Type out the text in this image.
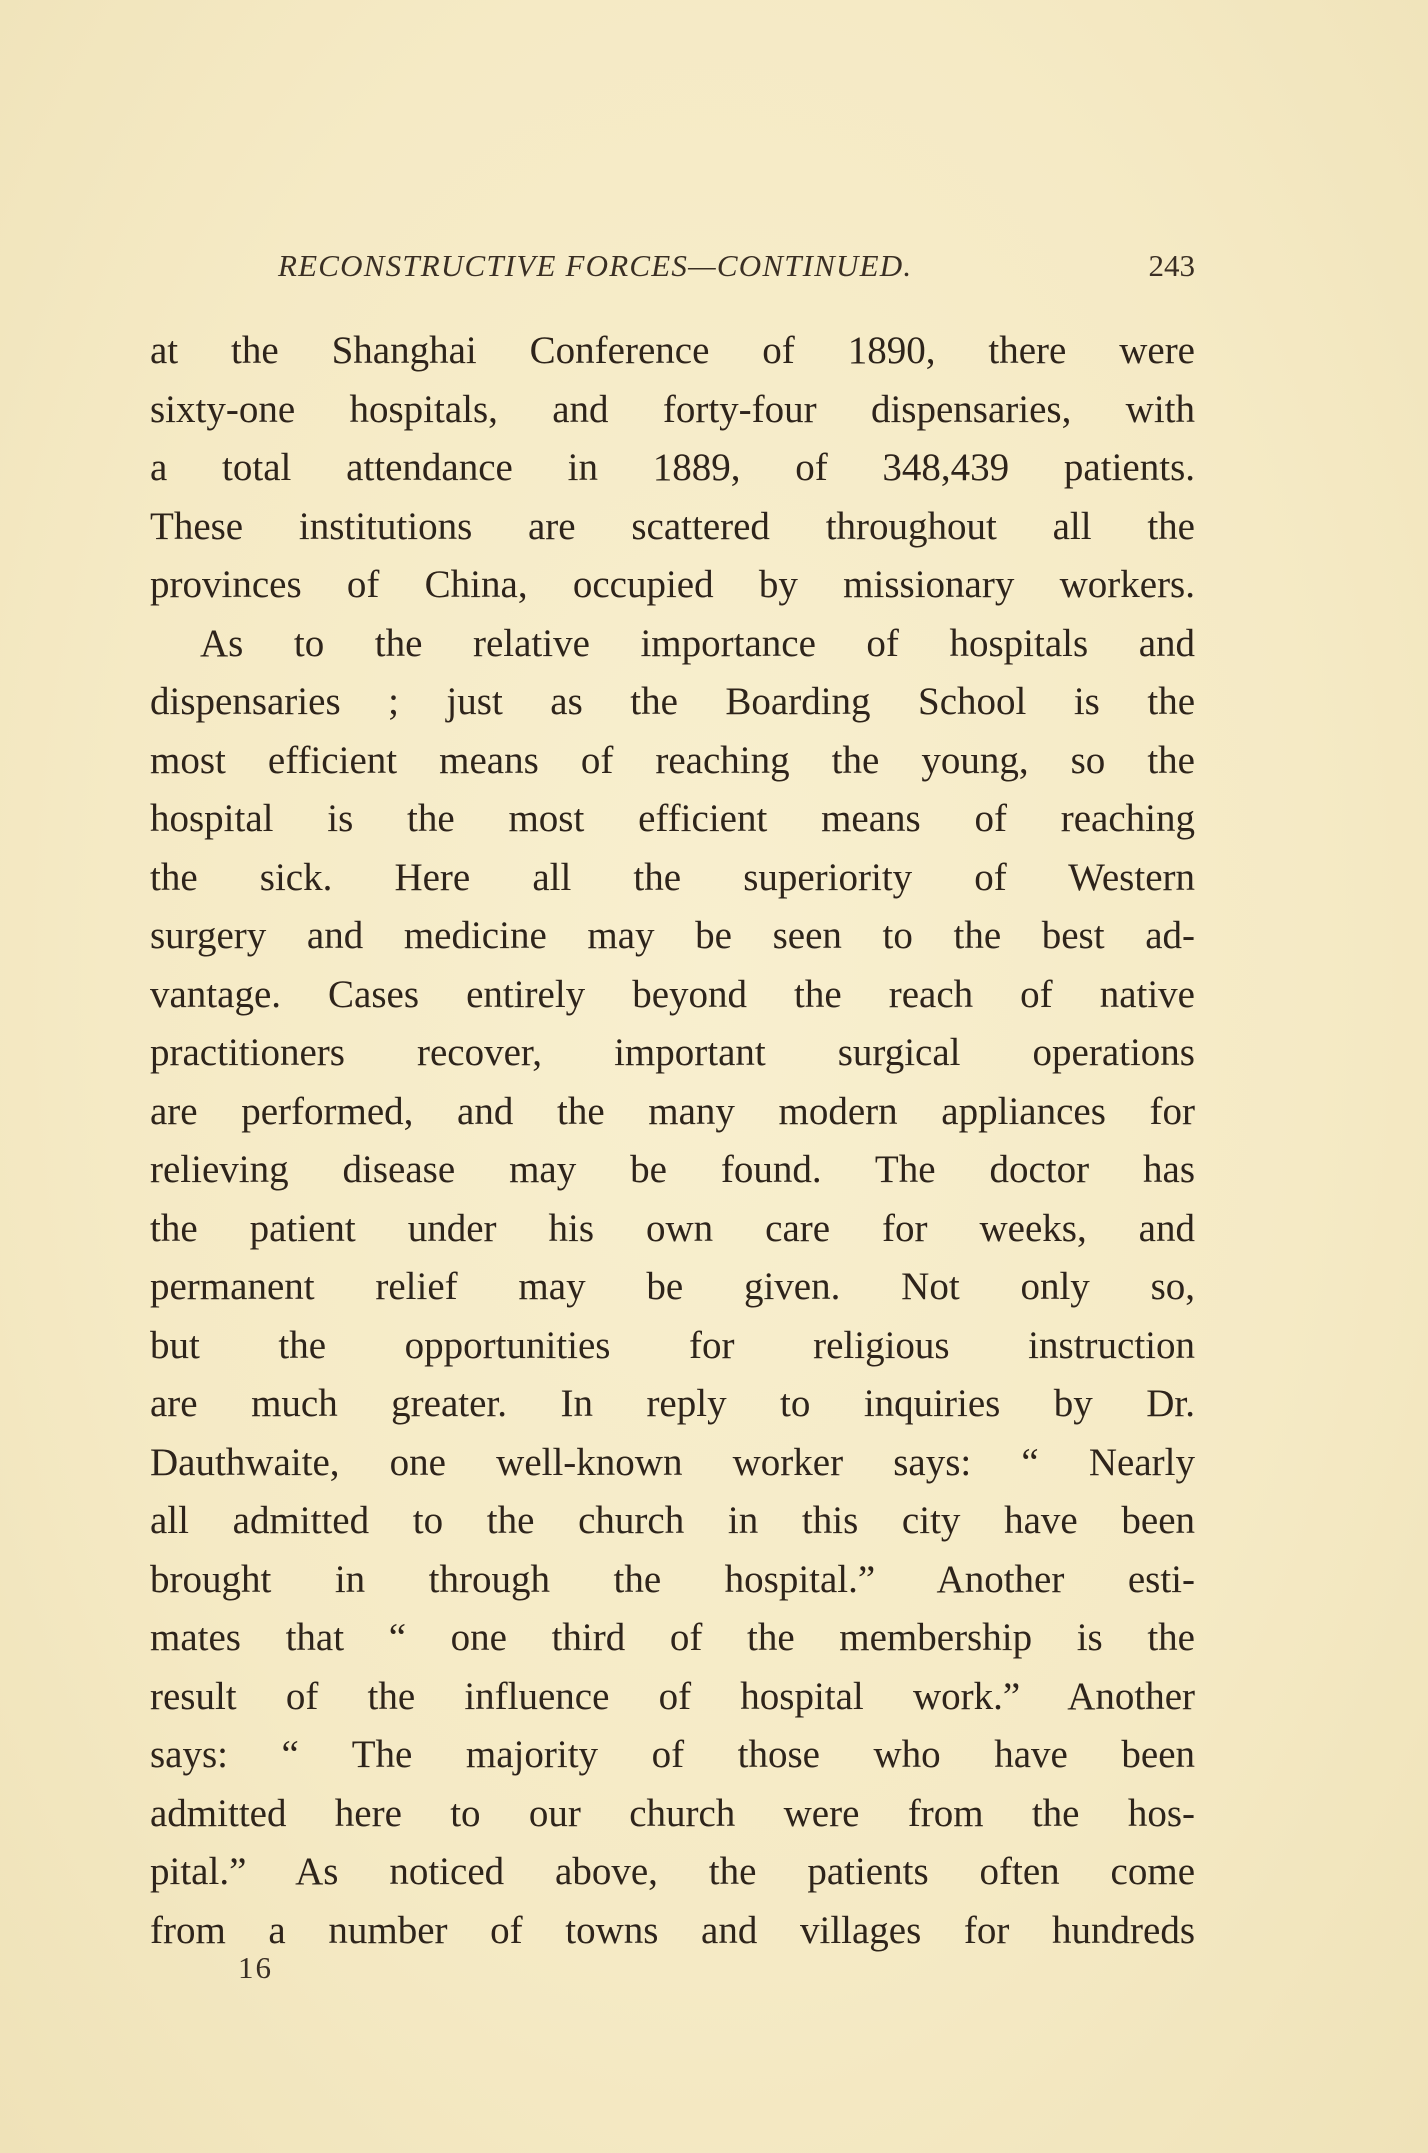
RECONSTRUCTIVE FORCES—CONTINUED.	243
at the Shanghai Conference of 1890, there were
sixty-one hospitals, and forty-four dispensaries, with
a total attendance in 1889, of 348,439 patients.
These institutions are scattered throughout all the
provinces of China, occupied by missionary workers.
As to the relative importance of hospitals and
dispensaries ; just as the Boarding School is the
most efficient means of reaching the young, so the
hospital is the most efficient means of reaching
the sick. Here all the superiority of Western
surgery and medicine may be seen to the best ad-
vantage. Cases entirely beyond the reach of native
practitioners recover, important surgical operations
are performed, and the many modern appliances for
relieving disease may be found. The doctor has
the patient under his own care for weeks, and
permanent relief may be given. Not only so,
but the opportunities for religious instruction
are much greater. In reply to inquiries by Dr.
Dauthwaite, one well-known worker says: “ Nearly
all admitted to the church in this city have been
brought in through the hospital.” Another esti-
mates that “ one third of the membership is the
result of the influence of hospital work.” Another
says: “ The majority of those who have been
admitted here to our church were from the hos-
pital.” As noticed above, the patients often come
from a number of towns and villages for hundreds
16
